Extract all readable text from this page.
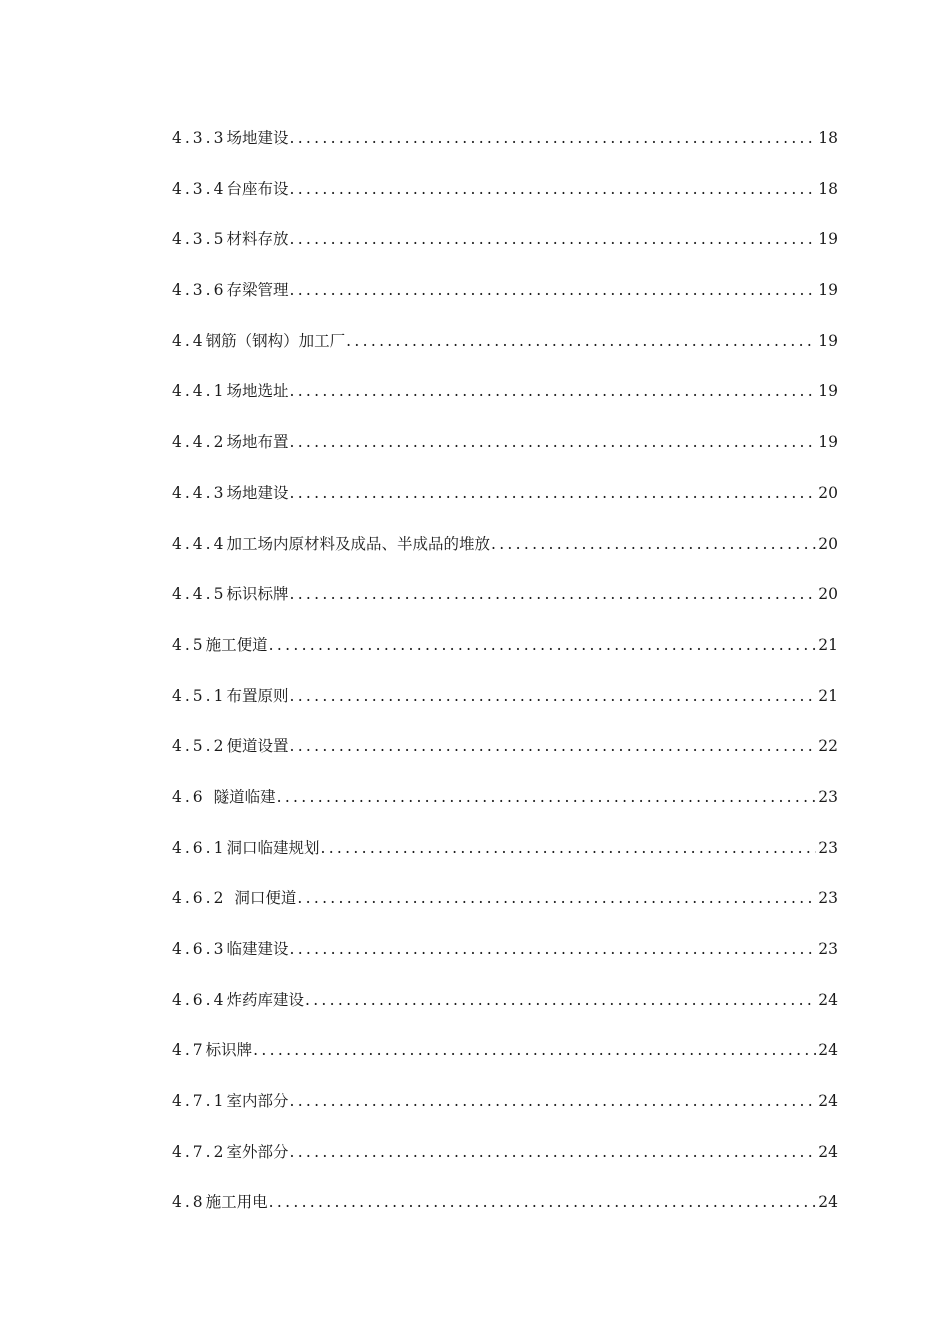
4.3.3 场地建设 .....	18
4.3.4 台座布设 .....	18
4.3.5 材料存放 .....	19
4.3.6 存梁管理 .....	19
4.4 钢筋（钢构）加工厂 .....	19
4.4.1 场地选址 .....	19
4.4.2 场地布置 .....	19
4.4.3 场地建设 .....	20
4.4.4 加工场内原材料及成品、半成品的堆放 .....	20
4.4.5 标识标牌 .....	20
4.5 施工便道 .....	21
4.5.1 布置原则 .....	21
4.5.2 便道设置 .....	22
4.6 隧道临建 .....	23
4.6.1 洞口临建规划 .....	23
4.6.2 洞口便道 .....	23
4.6.3 临建建设 .....	23
4.6.4 炸药库建设 .....	24
4.7 标识牌 .....	24
4.7.1 室内部分 .....	24
4.7.2 室外部分 .....	24
4.8 施工用电 .....	24
